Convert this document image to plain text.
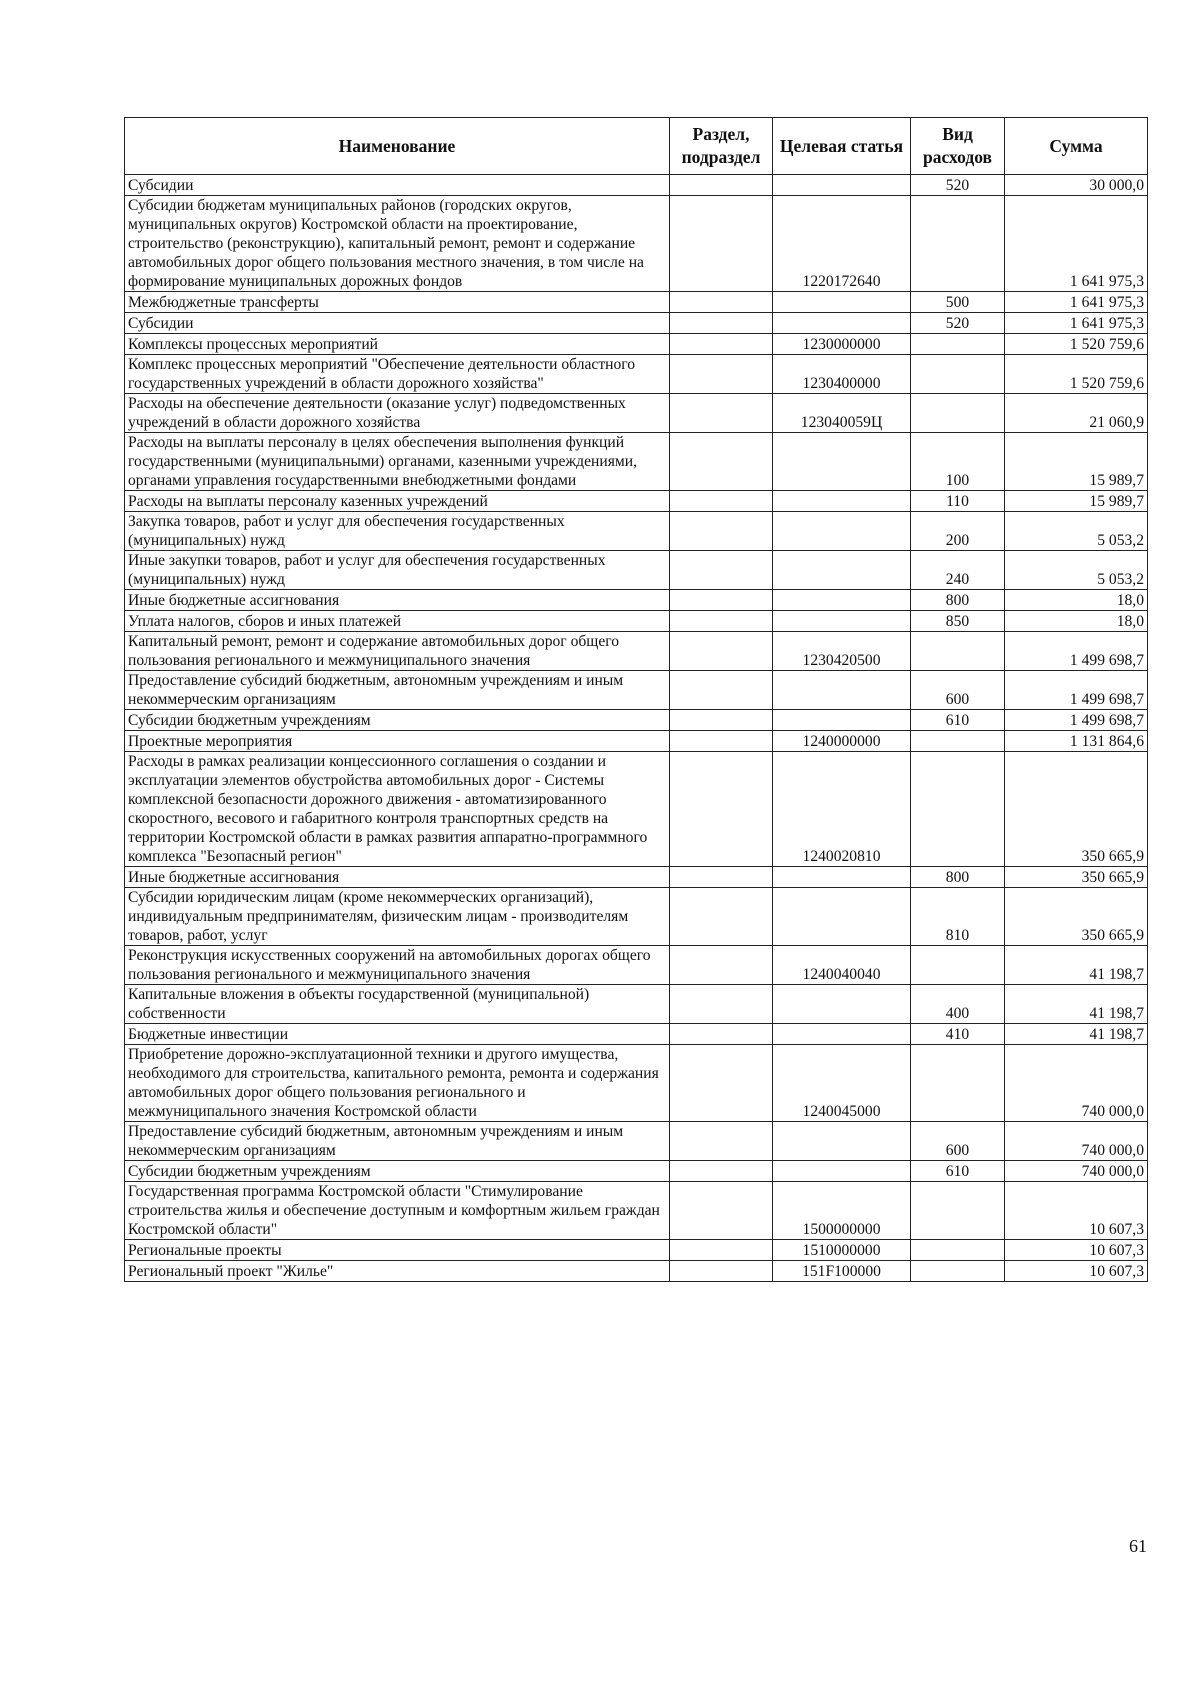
Наименование	Раздел, подраздел	Целевая статья	Вид расходов	Сумма
Субсидии			520	30 000,0
Субсидии бюджетам муниципальных районов (городских округов, муниципальных округов) Костромской области на проектирование, строительство (реконструкцию), капитальный ремонт, ремонт и содержание автомобильных дорог общего пользования местного значения, в том числе на формирование муниципальных дорожных фондов		1220172640		1 641 975,3
Межбюджетные трансферты			500	1 641 975,3
Субсидии			520	1 641 975,3
Комплексы процессных мероприятий		1230000000		1 520 759,6
Комплекс процессных мероприятий "Обеспечение деятельности областного государственных учреждений в области дорожного хозяйства"		1230400000		1 520 759,6
Расходы на обеспечение деятельности (оказание услуг) подведомственных учреждений в области дорожного хозяйства		123040059Ц		21 060,9
Расходы на выплаты персоналу в целях обеспечения выполнения функций государственными (муниципальными) органами, казенными учреждениями, органами управления государственными внебюджетными фондами			100	15 989,7
Расходы на выплаты персоналу казенных учреждений			110	15 989,7
Закупка товаров, работ и услуг для обеспечения государственных (муниципальных) нужд			200	5 053,2
Иные закупки товаров, работ и услуг для обеспечения государственных (муниципальных) нужд			240	5 053,2
Иные бюджетные ассигнования			800	18,0
Уплата налогов, сборов и иных платежей			850	18,0
Капитальный ремонт, ремонт и содержание автомобильных дорог общего пользования регионального и межмуниципального значения		1230420500		1 499 698,7
Предоставление субсидий бюджетным, автономным учреждениям и иным некоммерческим организациям			600	1 499 698,7
Субсидии бюджетным учреждениям			610	1 499 698,7
Проектные мероприятия		1240000000		1 131 864,6
Расходы в рамках реализации концессионного соглашения о создании и эксплуатации элементов обустройства автомобильных дорог - Системы комплексной безопасности дорожного движения - автоматизированного скоростного, весового и габаритного контроля транспортных средств на территории Костромской области в рамках развития аппаратно-программного комплекса "Безопасный регион"		1240020810		350 665,9
Иные бюджетные ассигнования			800	350 665,9
Субсидии юридическим лицам (кроме некоммерческих организаций), индивидуальным предпринимателям, физическим лицам - производителям товаров, работ, услуг			810	350 665,9
Реконструкция искусственных сооружений на автомобильных дорогах общего пользования регионального и межмуниципального значения		1240040040		41 198,7
Капитальные вложения в объекты государственной (муниципальной) собственности			400	41 198,7
Бюджетные инвестиции			410	41 198,7
Приобретение дорожно-эксплуатационной техники и другого имущества, необходимого для строительства, капитального ремонта, ремонта и содержания автомобильных дорог общего пользования регионального и межмуниципального значения Костромской области		1240045000		740 000,0
Предоставление субсидий бюджетным, автономным учреждениям и иным некоммерческим организациям			600	740 000,0
Субсидии бюджетным учреждениям			610	740 000,0
Государственная программа Костромской области "Стимулирование строительства жилья и обеспечение доступным и комфортным жильем граждан Костромской области"		1500000000		10 607,3
Региональные проекты		1510000000		10 607,3
Региональный проект "Жилье"		151F100000		10 607,3
61
